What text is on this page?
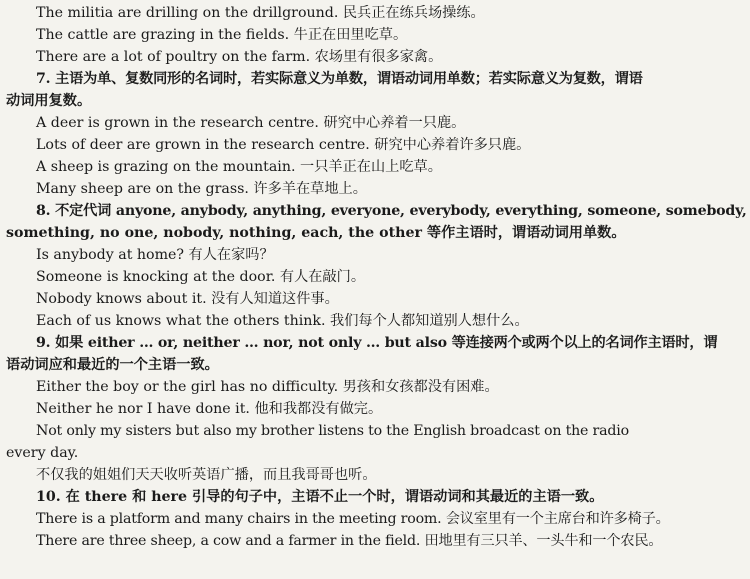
The militia are drilling on the drillground. 民兵正在练兵场操练。
The cattle are grazing in the fields. 牛正在田里吃草。
There are a lot of poultry on the farm. 农场里有很多家禽。
7. 主语为单、复数同形的名词时，若实际意义为单数，谓语动词用单数；若实际意义为复数，谓语
动词用复数。
A deer is grown in the research centre. 研究中心养着一只鹿。
Lots of deer are grown in the research centre. 研究中心养着许多只鹿。
A sheep is grazing on the mountain. 一只羊正在山上吃草。
Many sheep are on the grass. 许多羊在草地上。
8. 不定代词 anyone, anybody, anything, everyone, everybody, everything, someone, somebody,
something, no one, nobody, nothing, each, the other 等作主语时，谓语动词用单数。
Is anybody at home? 有人在家吗？
Someone is knocking at the door. 有人在敲门。
Nobody knows about it. 没有人知道这件事。
Each of us knows what the others think. 我们每个人都知道别人想什么。
9. 如果 either … or, neither … nor, not only … but also 等连接两个或两个以上的名词作主语时，谓
语动词应和最近的一个主语一致。
Either the boy or the girl has no difficulty. 男孩和女孩都没有困难。
Neither he nor I have done it. 他和我都没有做完。
Not only my sisters but also my brother listens to the English broadcast on the radio
every day.
不仅我的姐姐们天天收听英语广播，而且我哥哥也听。
10. 在 there 和 here 引导的句子中，主语不止一个时，谓语动词和其最近的主语一致。
There is a platform and many chairs in the meeting room. 会议室里有一个主席台和许多椅子。
There are three sheep, a cow and a farmer in the field. 田地里有三只羊、一头牛和一个农民。
